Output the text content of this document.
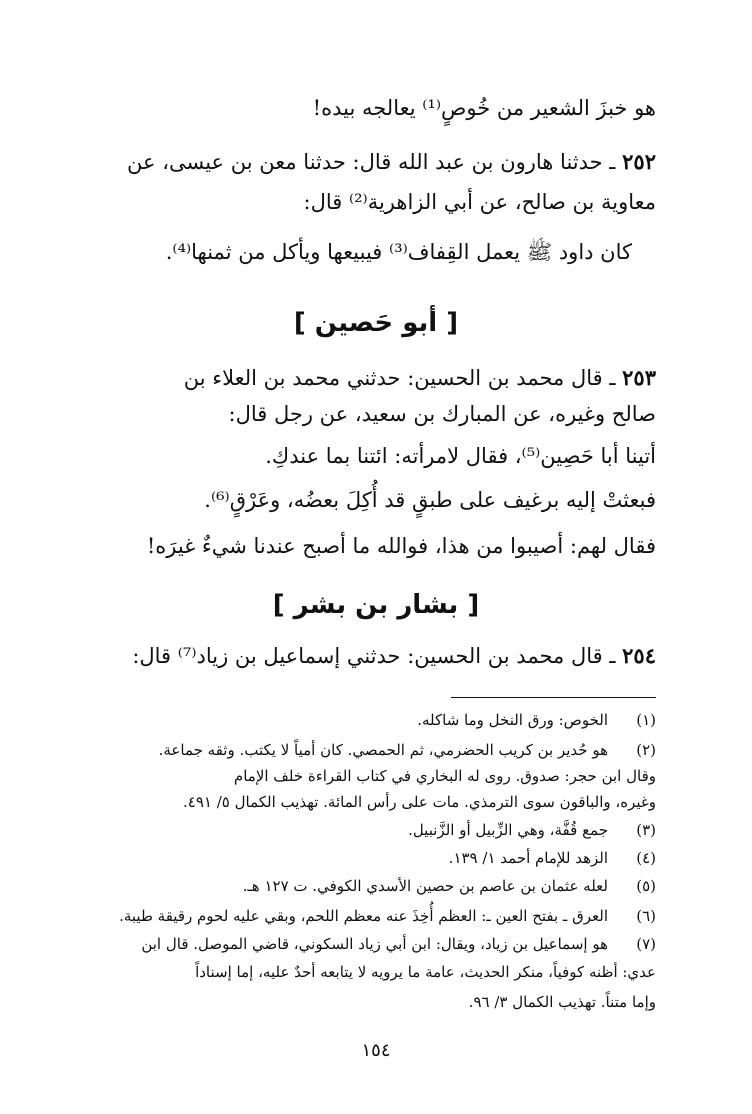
هو خبزَ الشعير من خُوصٍ⁽¹⁾ يعالجه بيده!
٢٥٢ ـ حدثنا هارون بن عبد الله قال: حدثنا معن بن عيسى، عن
معاوية بن صالح، عن أبي الزاهرية⁽²⁾ قال:
كان داود ﷺ يعمل القِفاف⁽³⁾ فيبيعها ويأكل من ثمنها⁽⁴⁾.
[ أبو حَصين ]
٢٥٣ ـ قال محمد بن الحسين: حدثني محمد بن العلاء بن
صالح وغيره، عن المبارك بن سعيد، عن رجل قال:
أتينا أبا حَصِين⁽⁵⁾، فقال لامرأته: ائتنا بما عندكِ.
فبعثتْ إليه برغيف على طبقٍ قد أُكِلَ بعضُه، وعَرْقٍ⁽⁶⁾.
فقال لهم: أصيبوا من هذا، فوالله ما أصبح عندنا شيءٌ غيرَه!
[ بشار بن بشر ]
٢٥٤ ـ قال محمد بن الحسين: حدثني إسماعيل بن زياد⁽⁷⁾ قال:
(١)
الخوص: ورق النخل وما شاكله.
(٢)
هو حُدير بن كريب الحضرمي، ثم الحمصي. كان أمياً لا يكتب. وثقه جماعة.
وقال ابن حجر: صدوق. روى له البخاري في كتاب القراءة خلف الإمام
وغيره، والباقون سوى الترمذي. مات على رأس المائة. تهذيب الكمال ٥/ ٤٩١.
(٣)
جمع قُفَّة، وهي الزِّبيل أو الزَّنبيل.
(٤)
الزهد للإمام أحمد ١/ ١٣٩.
(٥)
لعله عثمان بن عاصم بن حصين الأسدي الكوفي. ت ١٢٧ هـ.
(٦)
العرق ـ بفتح العين ـ: العظم أُخِذَ عنه معظم اللحم، وبقي عليه لحوم رقيقة طيبة.
(٧)
هو إسماعيل بن زياد، ويقال: ابن أبي زياد السكوني، قاضي الموصل. قال ابن
عدي: أظنه كوفياً، منكر الحديث، عامة ما يرويه لا يتابعه أحدٌ عليه، إما إسناداً
وإما متناً. تهذيب الكمال ٣/ ٩٦.
١٥٤
